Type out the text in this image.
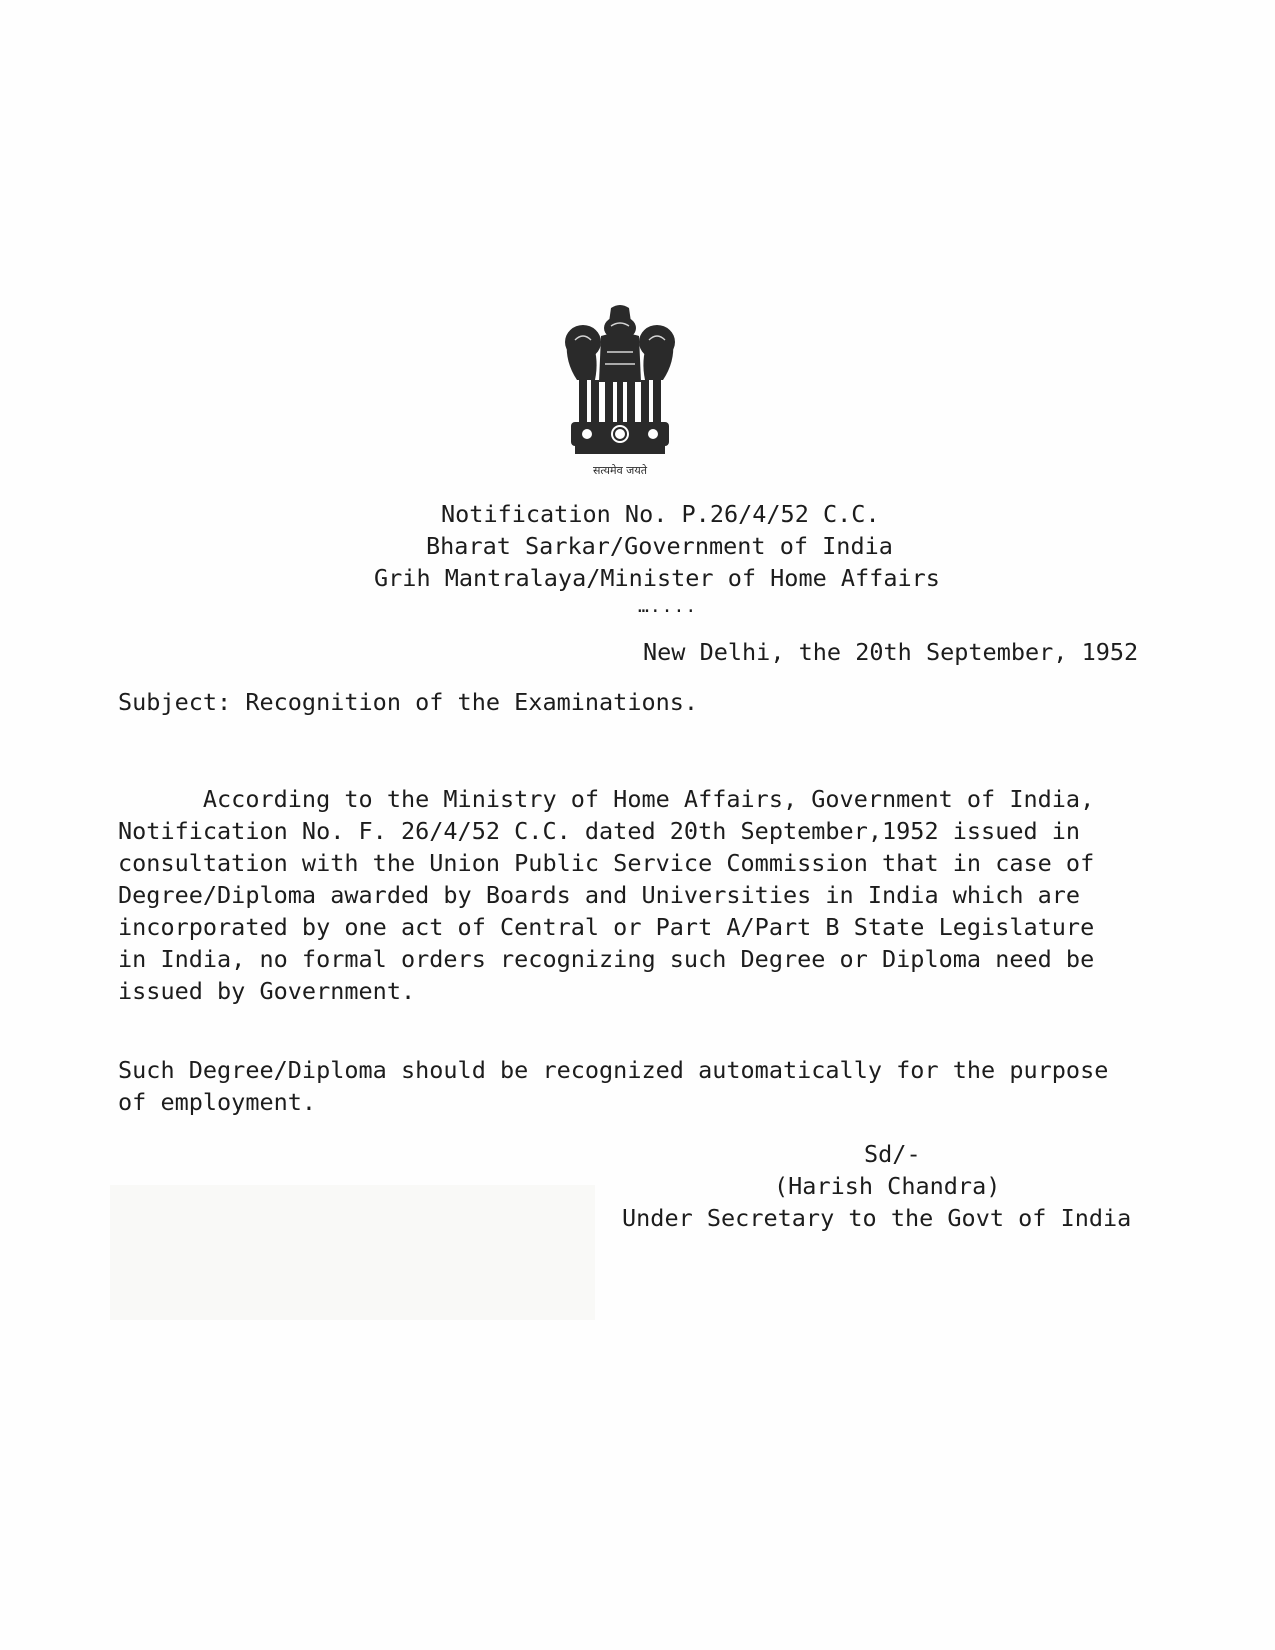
सत्यमेव जयते
Notification No. P.26/4/52 C.C.
Bharat Sarkar/Government of India
Grih Mantralaya/Minister of Home Affairs
…....
New Delhi, the 20th September, 1952
Subject: Recognition of the Examinations.
According to the Ministry of Home Affairs, Government of India,
Notification No. F. 26/4/52 C.C. dated 20th September,1952 issued in
consultation with the Union Public Service Commission that in case of
Degree/Diploma awarded by Boards and Universities in India which are
incorporated by one act of Central or Part A/Part B State Legislature
in India, no formal orders recognizing such Degree or Diploma need be
issued by Government.
Such Degree/Diploma should be recognized automatically for the purpose
of employment.
Sd/-
(Harish Chandra)
Under Secretary to the Govt of India
